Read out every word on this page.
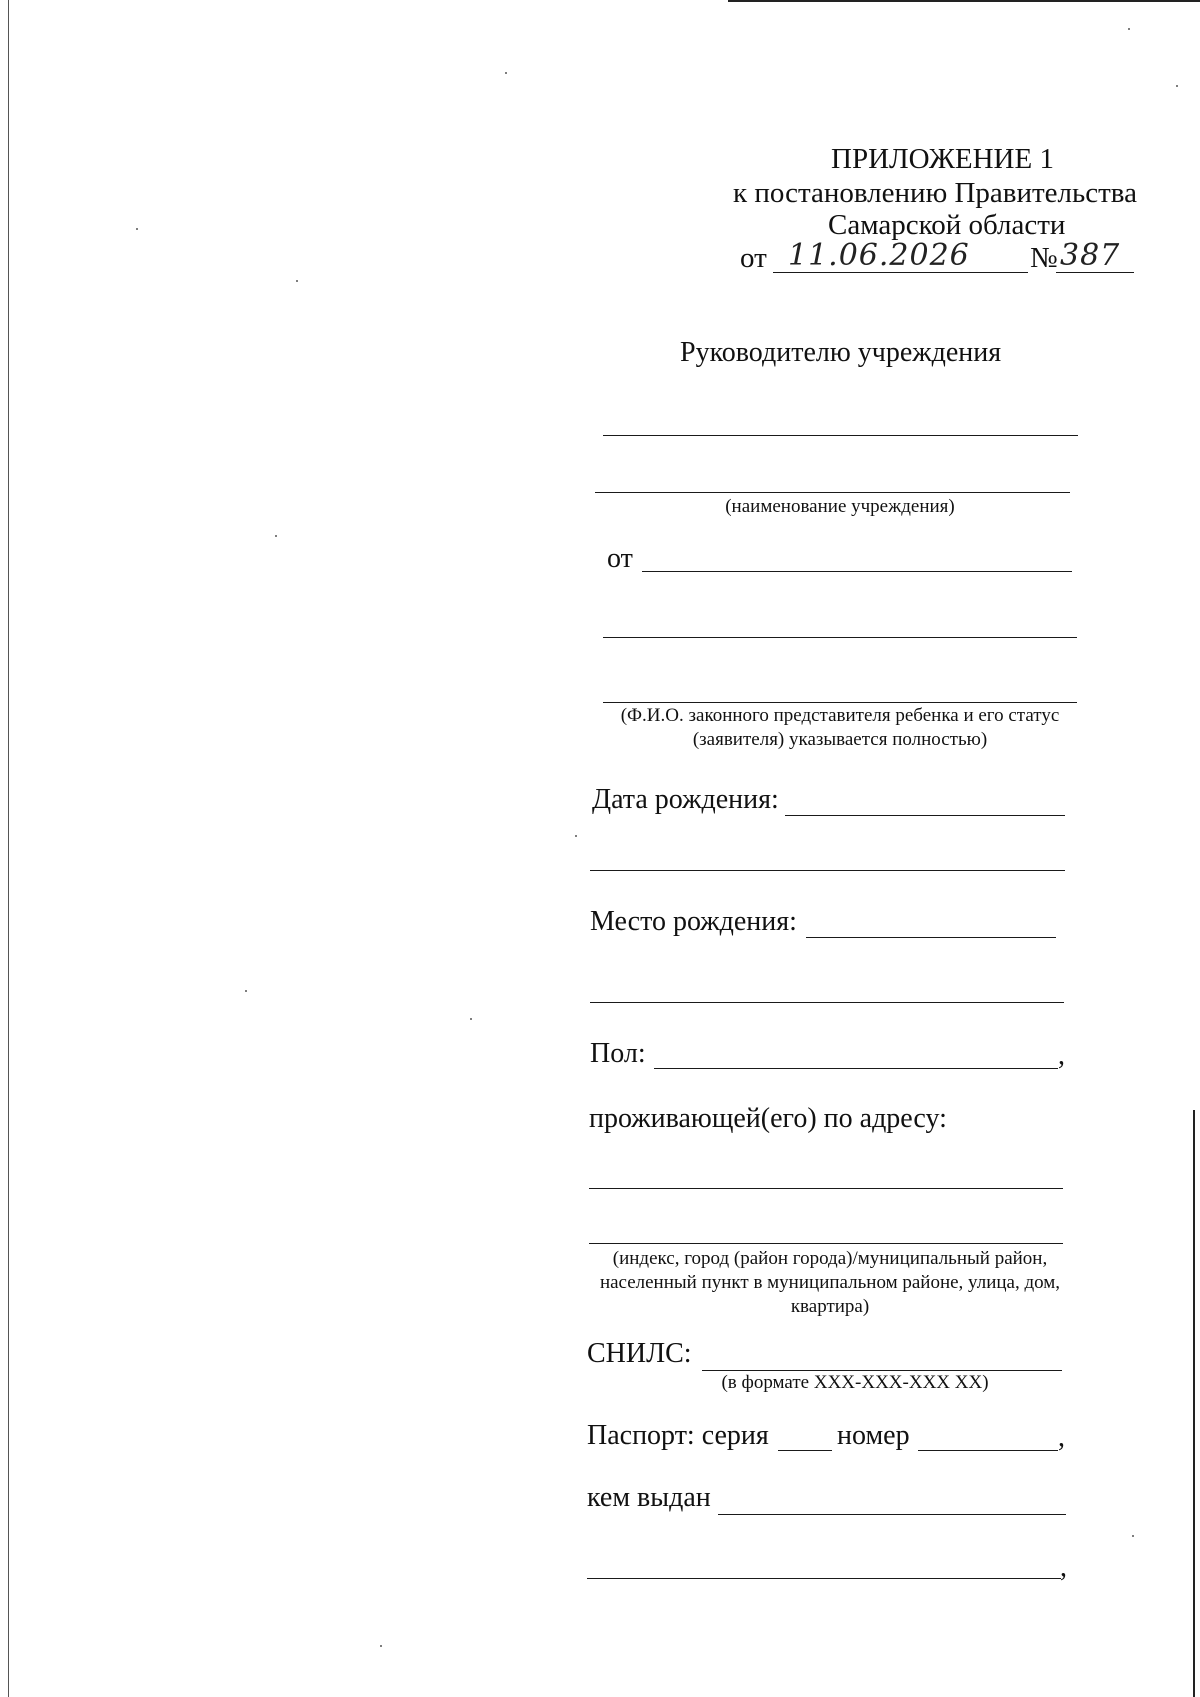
ПРИЛОЖЕНИЕ 1
к постановлению Правительства
Самарской области
от 11.06.2026 № 387
Руководителю учреждения
(наименование учреждения)
от
(Ф.И.О. законного представителя ребенка и его статус
(заявителя) указывается полностью)
Дата рождения:
Место рождения:
Пол:	,
проживающей(его) по адресу:
(индекс, город (район города)/муниципальный район,
населенный пункт в муниципальном районе, улица, дом,
квартира)
СНИЛС:
(в формате XXX-XXX-XXX XX)
Паспорт: серия номер	,
кем выдан
,
